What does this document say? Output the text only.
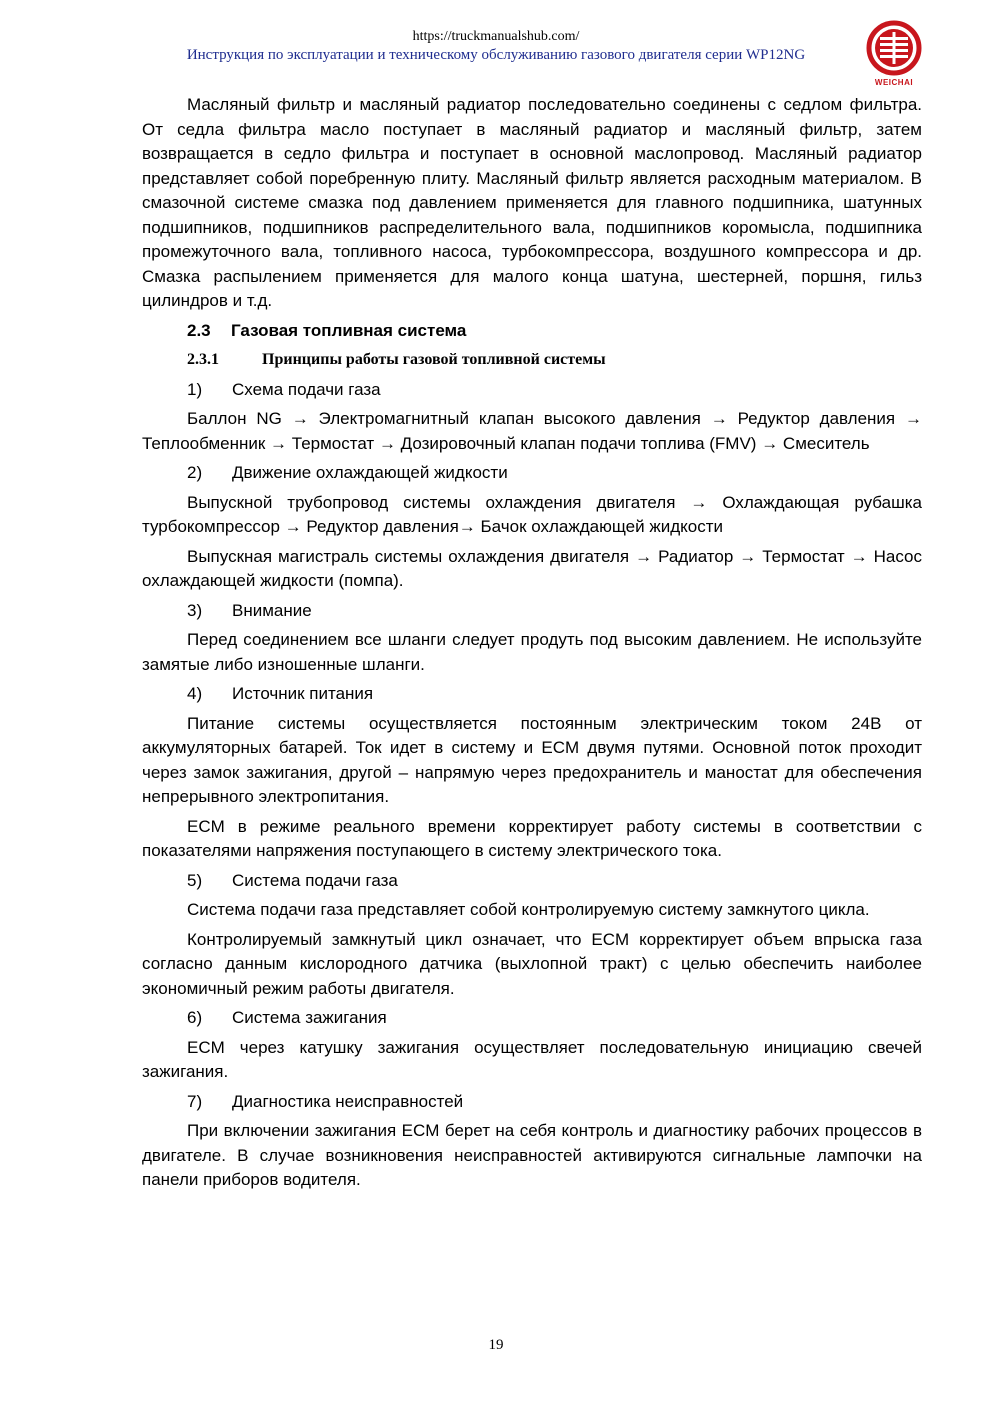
https://truckmanualshub.com/
Инструкция по эксплуатации и техническому обслуживанию газового двигателя серии WP12NG
WEICHAI

Масляный фильтр и масляный радиатор последовательно соединены с седлом фильтра. От седла фильтра масло поступает в масляный радиатор и масляный фильтр, затем возвращается в седло фильтра и поступает в основной маслопровод. Масляный радиатор представляет собой поребренную плиту. Масляный фильтр является расходным материалом. В смазочной системе смазка под давлением применяется для главного подшипника, шатунных подшипников, подшипников распределительного вала, подшипников коромысла, подшипника промежуточного вала, топливного насоса, турбокомпрессора, воздушного компрессора и др. Смазка распылением применяется для малого конца шатуна, шестерней, поршня, гильз цилиндров и т.д.

2.3 Газовая топливная система
2.3.1	Принципы работы газовой топливной системы
1) Схема подачи газа

Баллон NG → Электромагнитный клапан высокого давления → Редуктор давления → Теплообменник → Термостат → Дозировочный клапан подачи топлива (FMV) → Смеситель

2) Движение охлаждающей жидкости

Выпускной трубопровод системы охлаждения двигателя → Охлаждающая рубашка турбокомпрессор → Редуктор давления→ Бачок охлаждающей жидкости

Выпускная магистраль системы охлаждения двигателя → Радиатор → Термостат → Насос охлаждающей жидкости (помпа).

3) Внимание

Перед соединением все шланги следует продуть под высоким давлением. Не используйте замятые либо изношенные шланги.

4) Источник питания

Питание системы осуществляется постоянным электрическим током 24В от аккумуляторных батарей. Ток идет в систему и ECM двумя путями. Основной поток проходит через замок зажигания, другой – напрямую через предохранитель и маностат для обеспечения непрерывного электропитания.

ECM в режиме реального времени корректирует работу системы в соответствии с показателями напряжения поступающего в систему электрического тока.

5) Система подачи газа

Система подачи газа представляет собой контролируемую систему замкнутого цикла.

Контролируемый замкнутый цикл означает, что ECM корректирует объем впрыска газа согласно данным кислородного датчика (выхлопной тракт) с целью обеспечить наиболее экономичный режим работы двигателя.

6) Система зажигания

ECM через катушку зажигания осуществляет последовательную инициацию свечей зажигания.

7) Диагностика неисправностей

При включении зажигания ECM берет на себя контроль и диагностику рабочих процессов в двигателе. В случае возникновения неисправностей активируются сигнальные лампочки на панели приборов водителя.

19
